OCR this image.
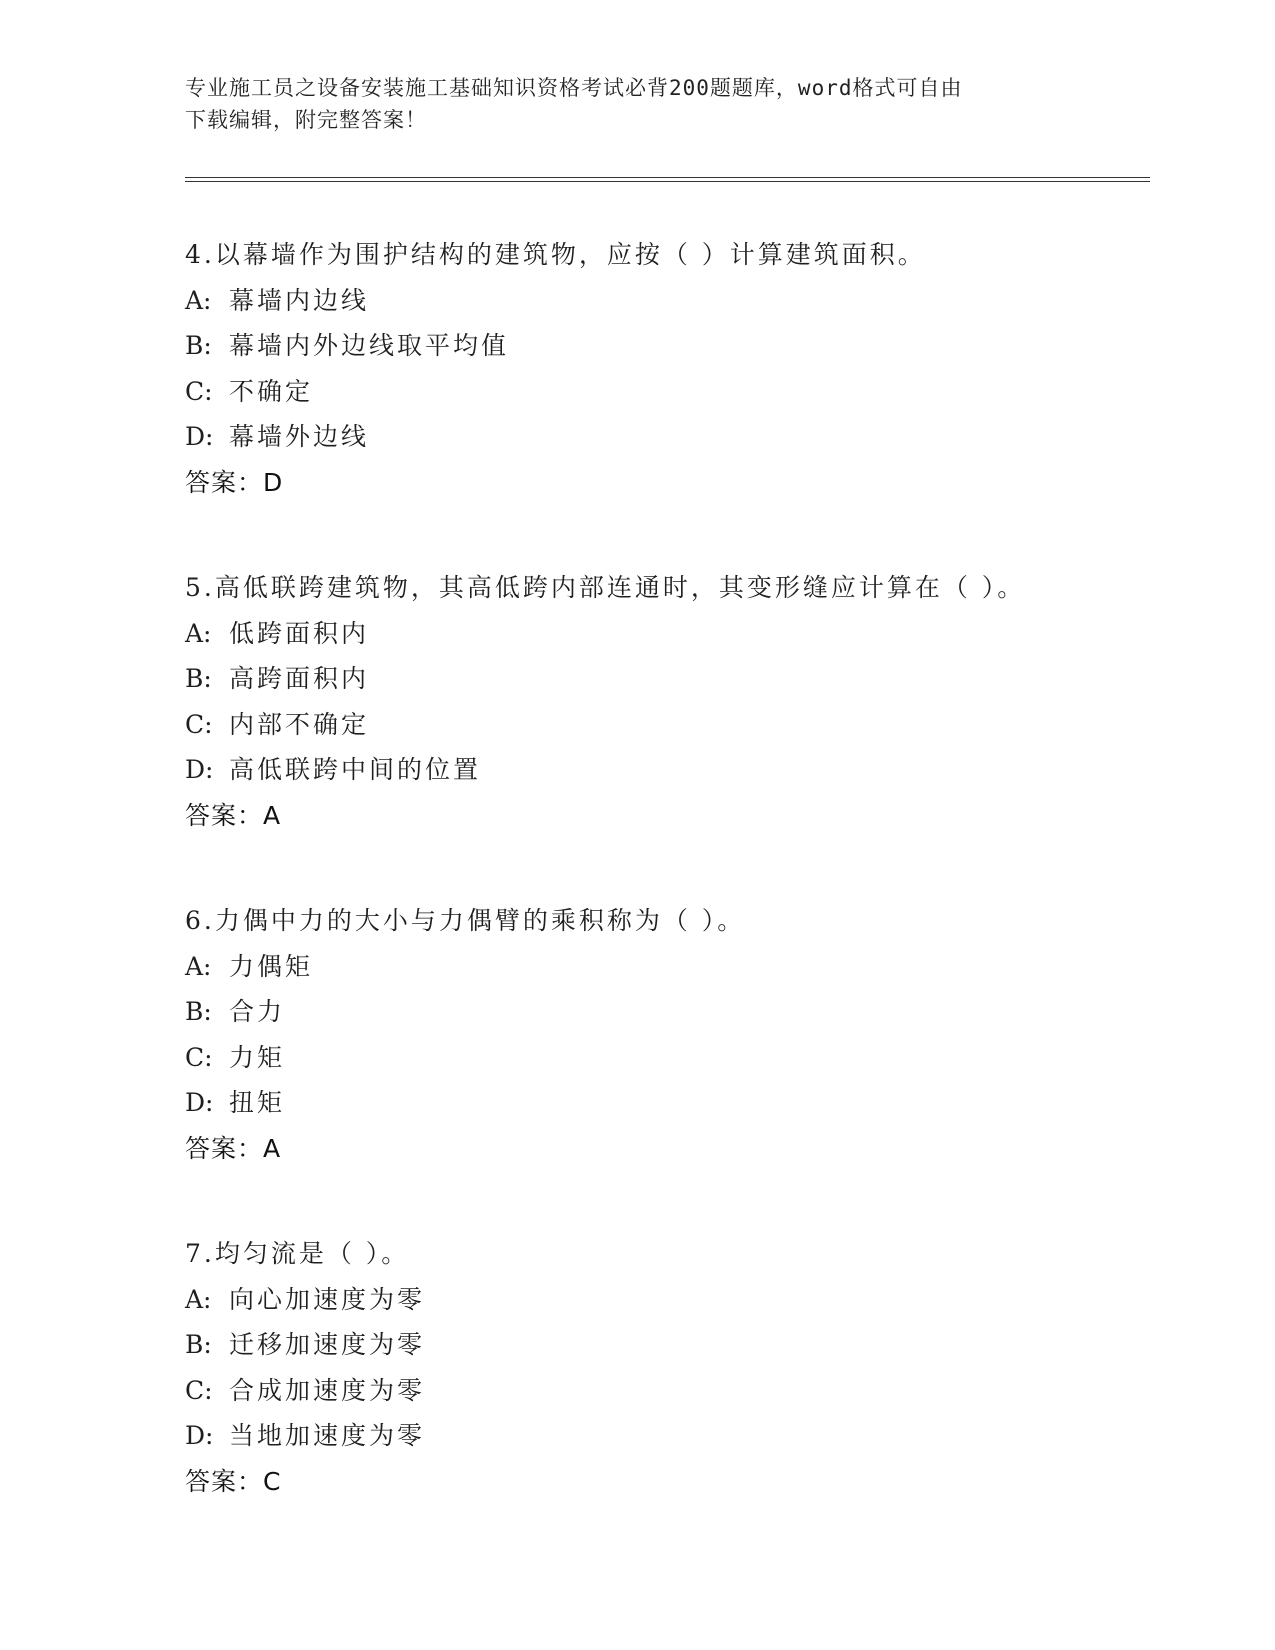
专业施工员之设备安装施工基础知识资格考试必背200题题库，word格式可自由
下载编辑，附完整答案！
4.以幕墙作为围护结构的建筑物，应按（ ）计算建筑面积。
A: 幕墙内边线
B: 幕墙内外边线取平均值
C: 不确定
D: 幕墙外边线
答案：D
5.高低联跨建筑物，其高低跨内部连通时，其变形缝应计算在（ ）。
A: 低跨面积内
B: 高跨面积内
C: 内部不确定
D: 高低联跨中间的位置
答案：A
6.力偶中力的大小与力偶臂的乘积称为（ ）。
A: 力偶矩
B: 合力
C: 力矩
D: 扭矩
答案：A
7.均匀流是（ ）。
A: 向心加速度为零
B: 迁移加速度为零
C: 合成加速度为零
D: 当地加速度为零
答案：C
